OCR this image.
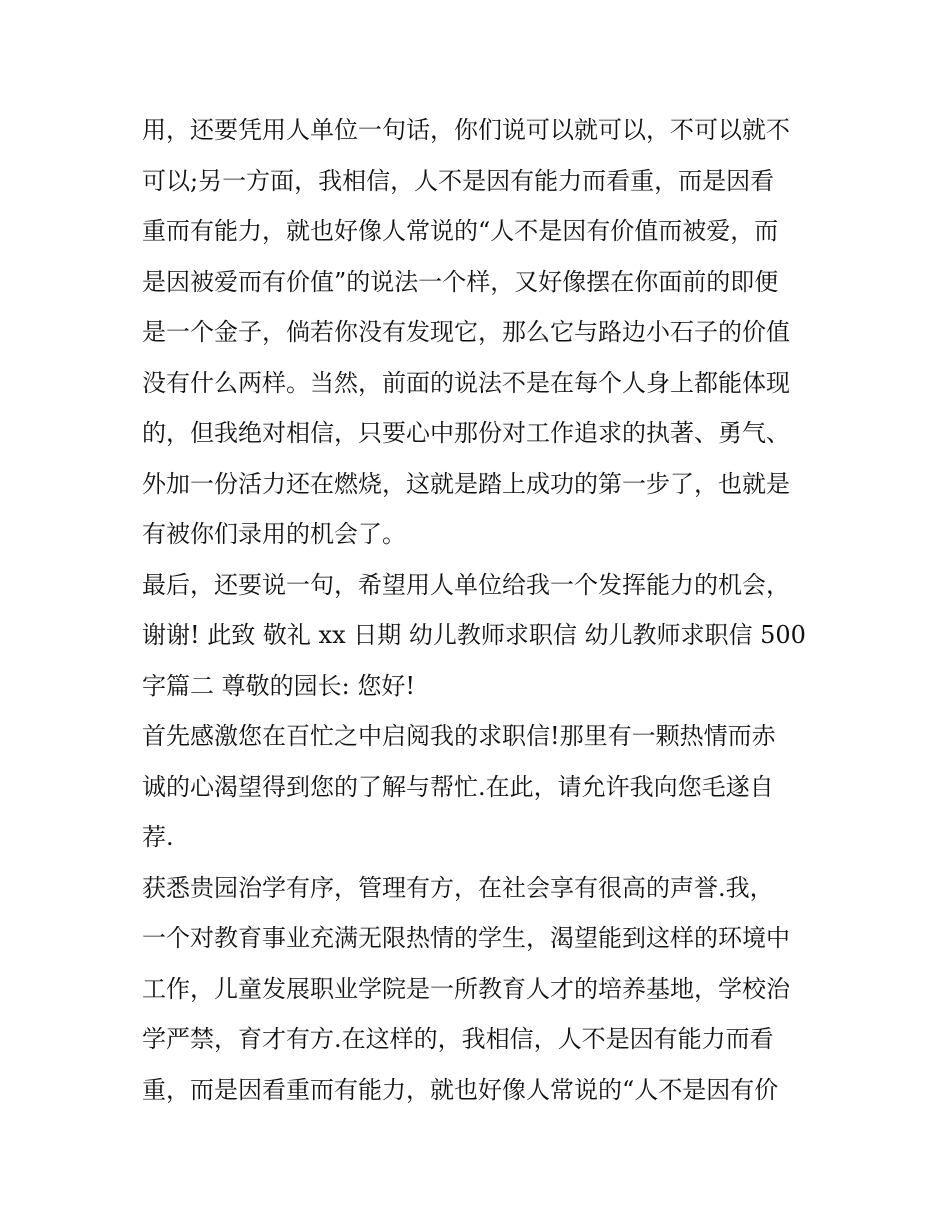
用，还要凭用人单位一句话，你们说可以就可以，不可以就不
可以;另一方面，我相信，人不是因有能力而看重，而是因看
重而有能力，就也好像人常说的“人不是因有价值而被爱，而
是因被爱而有价值”的说法一个样，又好像摆在你面前的即便
是一个金子，倘若你没有发现它，那么它与路边小石子的价值
没有什么两样。当然，前面的说法不是在每个人身上都能体现
的，但我绝对相信，只要心中那份对工作追求的执著、勇气、
外加一份活力还在燃烧，这就是踏上成功的第一步了，也就是
有被你们录用的机会了。
最后，还要说一句，希望用人单位给我一个发挥能力的机会，
谢谢! 此致 敬礼 xx 日期 幼儿教师求职信 幼儿教师求职信 500
字篇二 尊敬的园长: 您好!
首先感激您在百忙之中启阅我的求职信!那里有一颗热情而赤
诚的心渴望得到您的了解与帮忙.在此，请允许我向您毛遂自
荐.
获悉贵园治学有序，管理有方，在社会享有很高的声誉.我，
一个对教育事业充满无限热情的学生，渴望能到这样的环境中
工作，儿童发展职业学院是一所教育人才的培养基地，学校治
学严禁，育才有方.在这样的，我相信，人不是因有能力而看
重，而是因看重而有能力，就也好像人常说的“人不是因有价
